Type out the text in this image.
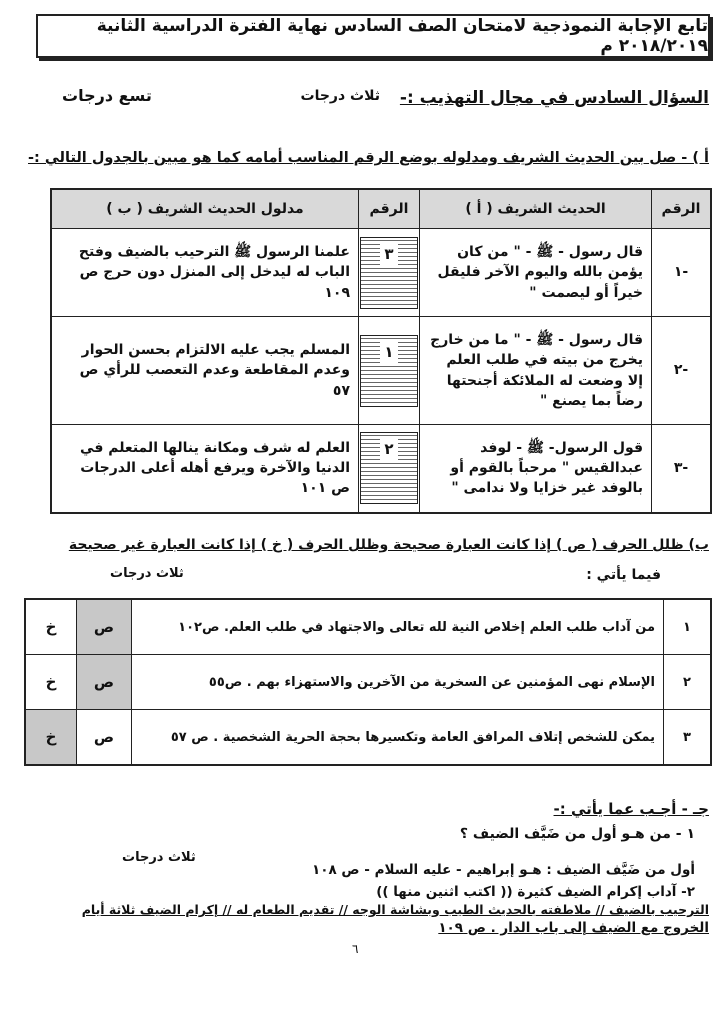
تابع الإجابة النموذجية لامتحان الصف السادس نهاية الفترة الدراسية الثانية ٢٠١٨/٢٠١٩ م
السؤال السادس في مجال التهذيب :-
ثلاث درجات
تسع درجات
أ ) - صل بين الحديث الشريف ومدلوله بوضع الرقم المناسب أمامه كما هو مبين بالجدول التالي :-
الرقم	الحديث الشريف ( أ )	الرقم	مدلول الحديث الشريف ( ب )
-١	قال رسول - ﷺ - " من كان يؤمن بالله واليوم الآخر فليقل خيراً أو ليصمت "	٣	علمنا الرسول ﷺ الترحيب بالضيف وفتح الباب له ليدخل إلى المنزل دون حرج ص ١٠٩
-٢	قال رسول - ﷺ - " ما من خارج يخرج من بيته في طلب العلم إلا وضعت له الملائكة أجنحتها رضاً بما يصنع "	١	المسلم يجب عليه الالتزام بحسن الحوار وعدم المقاطعة وعدم التعصب للرأي ص ٥٧
-٣	قول الرسول- ﷺ - لوفد عبدالقيس " مرحباً بالقوم أو بالوفد غير خزايا ولا ندامى "	٢	العلم له شرف ومكانة ينالها المتعلم في الدنيا والآخرة ويرفع أهله أعلى الدرجات ص ١٠١
ب) ظلل الحرف ( ص ) إذا كانت العبارة صحيحة وظلل الحرف ( خ ) إذا كانت العبارة غير صحيحة
فيما يأتي :
ثلاث درجات
١	من آداب طلب العلم إخلاص النية لله تعالى والاجتهاد في طلب العلم. ص١٠٢	ص	خ
٢	الإسلام نهى المؤمنين عن السخرية من الآخرين والاستهزاء بهم . ص٥٥	ص	خ
٣	يمكن للشخص إتلاف المرافق العامة وتكسيرها بحجة الحرية الشخصية . ص ٥٧	ص	خ
جـ - أجـب عما يأتي :-
١ - من هـو أول من ضَيَّف الضيف ؟
ثلاث درجات
أول من ضَيَّف الضيف : هـو إبراهيم - عليه السلام - ص ١٠٨
٢- آداب إكرام الضيف كثيرة (( اكتب اثنين منها ))
الترحيب بالضيف // ملاطفته بالحديث الطيب وبشاشة الوجه // تقديم الطعام له // إكرام الضيف ثلاثة أيام
الخروج مع الضيف إلى باب الدار . ص ١٠٩
٦
